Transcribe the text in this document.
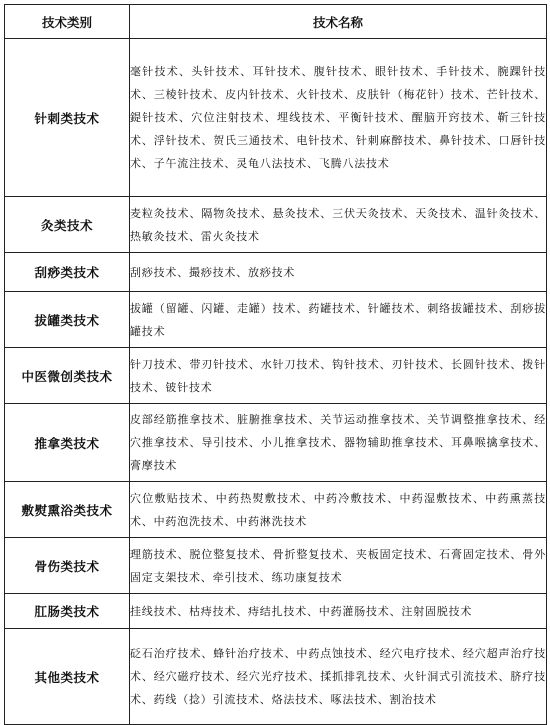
技术类别	技术名称
针刺类技术	毫针技术、头针技术、耳针技术、腹针技术、眼针技术、手针技术、腕踝针技术、三棱针技术、皮内针技术、火针技术、皮肤针（梅花针）技术、芒针技术、鍉针技术、穴位注射技术、埋线技术、平衡针技术、醒脑开窍技术、靳三针技术、浮针技术、贺氏三通技术、电针技术、针刺麻醉技术、鼻针技术、口唇针技术、子午流注技术、灵龟八法技术、飞腾八法技术
灸类技术	麦粒灸技术、隔物灸技术、悬灸技术、三伏天灸技术、天灸技术、温针灸技术、热敏灸技术、雷火灸技术
刮痧类技术	刮痧技术、撮痧技术、放痧技术
拔罐类技术	拔罐（留罐、闪罐、走罐）技术、药罐技术、针罐技术、刺络拔罐技术、刮痧拔罐技术
中医微创类技术	针刀技术、带刃针技术、水针刀技术、钩针技术、刃针技术、长圆针技术、拨针技术、铍针技术
推拿类技术	皮部经筋推拿技术、脏腑推拿技术、关节运动推拿技术、关节调整推拿技术、经穴推拿技术、导引技术、小儿推拿技术、器物辅助推拿技术、耳鼻喉擒拿技术、膏摩技术
敷熨熏浴类技术	穴位敷贴技术、中药热熨敷技术、中药冷敷技术、中药湿敷技术、中药熏蒸技术、中药泡洗技术、中药淋洗技术
骨伤类技术	理筋技术、脱位整复技术、骨折整复技术、夹板固定技术、石膏固定技术、骨外固定支架技术、牵引技术、练功康复技术
肛肠类技术	挂线技术、枯痔技术、痔结扎技术、中药灌肠技术、注射固脱技术
其他类技术	砭石治疗技术、蜂针治疗技术、中药点蚀技术、经穴电疗技术、经穴超声治疗技术、经穴磁疗技术、经穴光疗技术、揉抓排乳技术、火针洞式引流技术、脐疗技术、药线（捻）引流技术、烙法技术、啄法技术、割治技术
